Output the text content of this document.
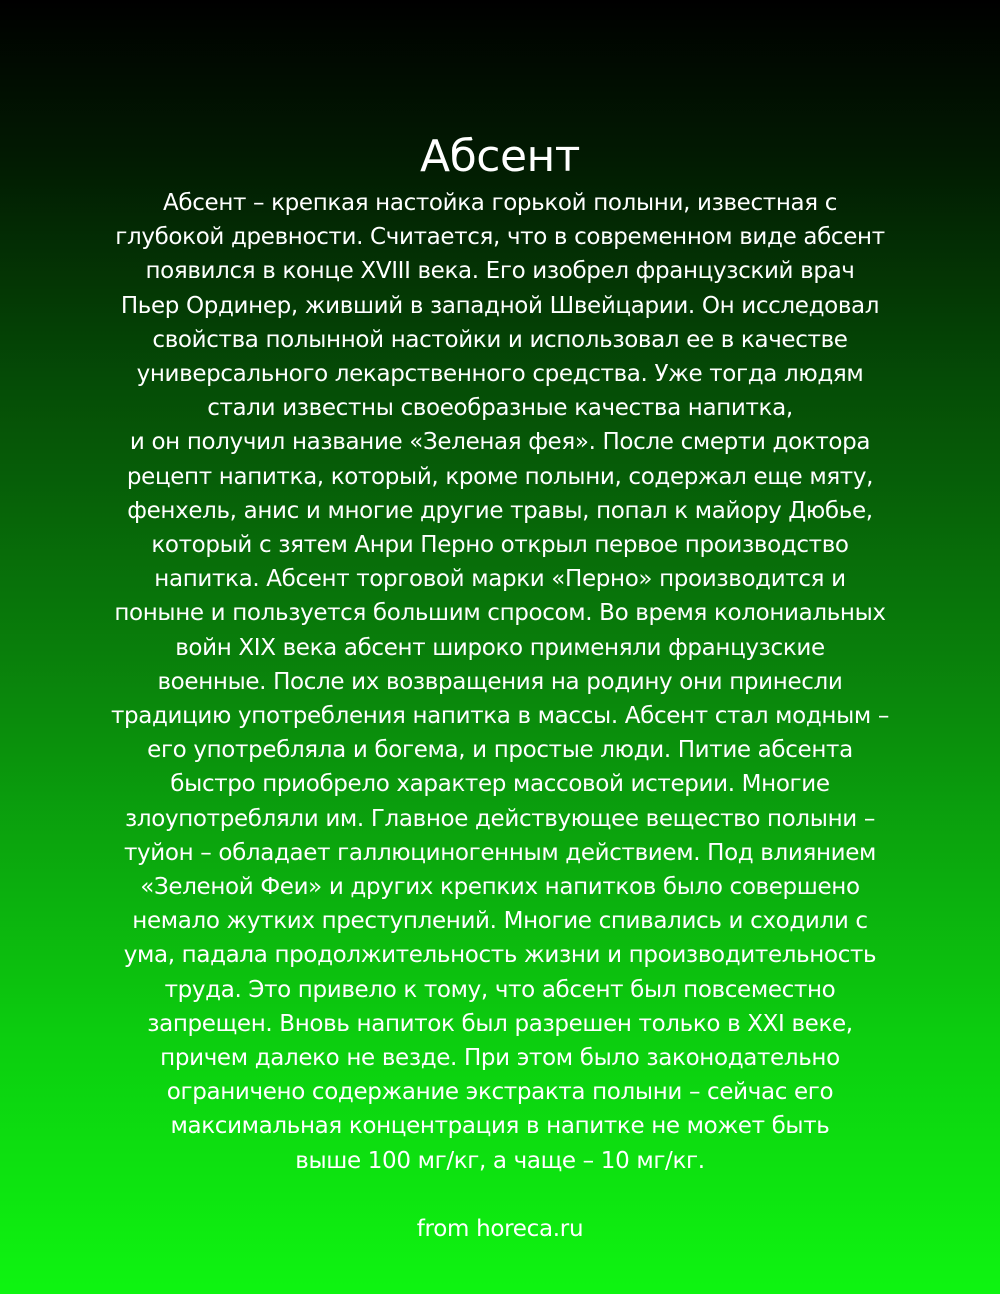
Абсент
Абсент – крепкая настойка горькой полыни, известная с
глубокой древности. Считается, что в современном виде абсент
появился в конце XVIII века. Его изобрел французский врач
Пьер Ординер, живший в западной Швейцарии. Он исследовал
свойства полынной настойки и использовал ее в качестве
универсального лекарственного средства. Уже тогда людям
стали известны своеобразные качества напитка,
и он получил название «Зеленая фея». После смерти доктора
рецепт напитка, который, кроме полыни, содержал еще мяту,
фенхель, анис и многие другие травы, попал к майору Дюбье,
который с зятем Анри Перно открыл первое производство
напитка. Абсент торговой марки «Перно» производится и
поныне и пользуется большим спросом. Во время колониальных
войн XIX века абсент широко применяли французские
военные. После их возвращения на родину они принесли
традицию употребления напитка в массы. Абсент стал модным –
его употребляла и богема, и простые люди. Питие абсента
быстро приобрело характер массовой истерии. Многие
злоупотребляли им. Главное действующее вещество полыни –
туйон – обладает галлюциногенным действием. Под влиянием
«Зеленой Феи» и других крепких напитков было совершено
немало жутких преступлений. Многие спивались и сходили с
ума, падала продолжительность жизни и производительность
труда. Это привело к тому, что абсент был повсеместно
запрещен. Вновь напиток был разрешен только в XXI веке,
причем далеко не везде. При этом было законодательно
ограничено содержание экстракта полыни – сейчас его
максимальная концентрация в напитке не может быть
выше 100 мг/кг, а чаще – 10 мг/кг.
from horeca.ru
